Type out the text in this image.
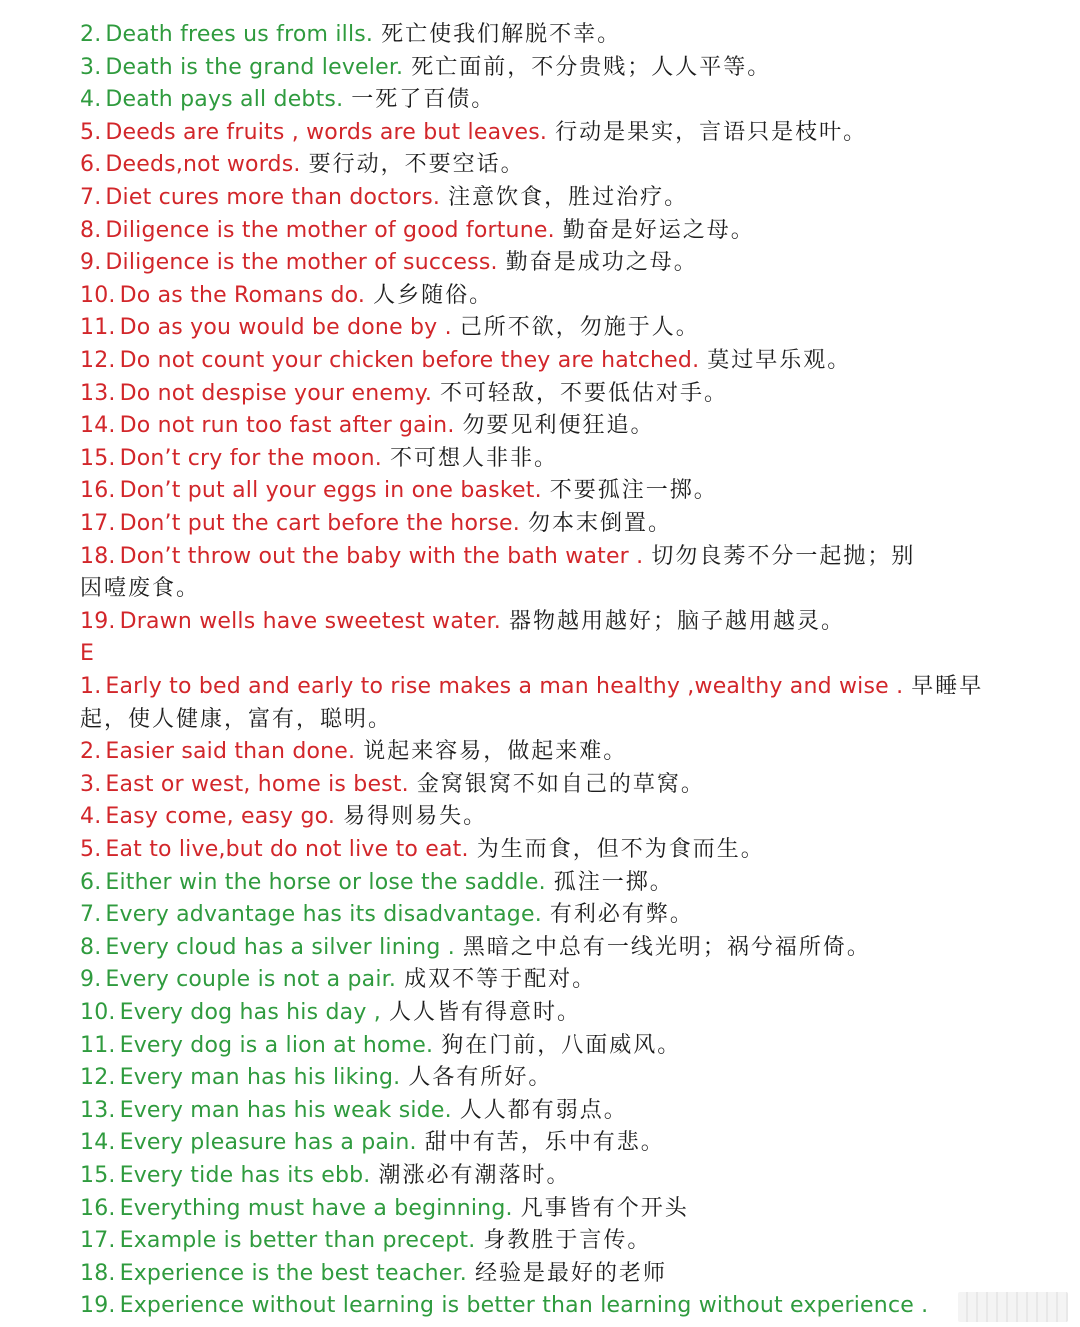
2. Death frees us from ills. 死亡使我们解脱不幸。
3. Death is the grand leveler. 死亡面前，不分贵贱；人人平等。
4. Death pays all debts. 一死了百债。
5. Deeds are fruits , words are but leaves. 行动是果实，言语只是枝叶。
6. Deeds,not words. 要行动，不要空话。
7. Diet cures more than doctors. 注意饮食，胜过治疗。
8. Diligence is the mother of good fortune. 勤奋是好运之母。
9. Diligence is the mother of success. 勤奋是成功之母。
10. Do as the Romans do. 人乡随俗。
11. Do as you would be done by . 己所不欲，勿施于人。
12. Do not count your chicken before they are hatched. 莫过早乐观。
13. Do not despise your enemy. 不可轻敌，不要低估对手。
14. Do not run too fast after gain. 勿要见利便狂追。
15. Don’t cry for the moon. 不可想人非非。
16. Don’t put all your eggs in one basket. 不要孤注一掷。
17. Don’t put the cart before the horse. 勿本末倒置。
18. Don’t throw out the baby with the bath water . 切勿良莠不分一起抛；别
因噎废食。
19. Drawn wells have sweetest water. 器物越用越好；脑子越用越灵。
E
1. Early to bed and early to rise makes a man healthy ,wealthy and wise . 早睡早
起，使人健康，富有，聪明。
2. Easier said than done. 说起来容易，做起来难。
3. East or west, home is best. 金窝银窝不如自己的草窝。
4. Easy come, easy go. 易得则易失。
5. Eat to live,but do not live to eat. 为生而食，但不为食而生。
6. Either win the horse or lose the saddle. 孤注一掷。
7. Every advantage has its disadvantage. 有利必有弊。
8. Every cloud has a silver lining . 黑暗之中总有一线光明；祸兮福所倚。
9. Every couple is not a pair. 成双不等于配对。
10. Every dog has his day , 人人皆有得意时。
11. Every dog is a lion at home. 狗在门前，八面威风。
12. Every man has his liking. 人各有所好。
13. Every man has his weak side. 人人都有弱点。
14. Every pleasure has a pain. 甜中有苦，乐中有悲。
15. Every tide has its ebb. 潮涨必有潮落时。
16. Everything must have a beginning. 凡事皆有个开头
17. Example is better than precept. 身教胜于言传。
18. Experience is the best teacher. 经验是最好的老师
19. Experience without learning is better than learning without experience .
